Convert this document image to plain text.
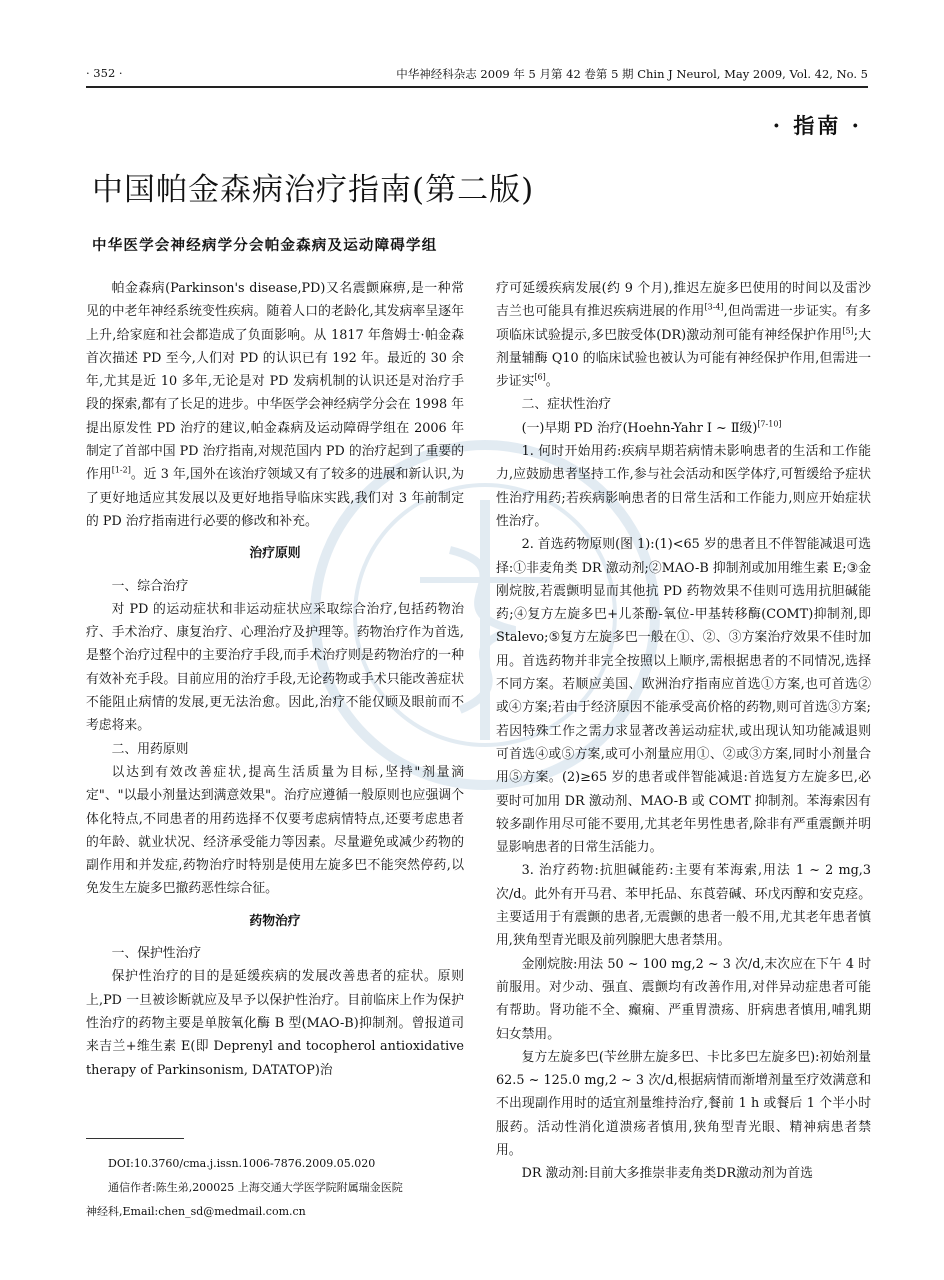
· 352 ·	中华神经科杂志 2009 年 5 月第 42 卷第 5 期 Chin J Neurol, May 2009, Vol. 42, No. 5
· 指南 ·
中国帕金森病治疗指南(第二版)
中华医学会神经病学分会帕金森病及运动障碍学组

帕金森病(Parkinson's disease,PD)又名震颤麻痹,是一种常见的中老年神经系统变性疾病。随着人口的老龄化,其发病率呈逐年上升,给家庭和社会都造成了负面影响。从 1817 年詹姆士·帕金森首次描述 PD 至今,人们对 PD 的认识已有 192 年。最近的 30 余年,尤其是近 10 多年,无论是对 PD 发病机制的认识还是对治疗手段的探索,都有了长足的进步。中华医学会神经病学分会在 1998 年提出原发性 PD 治疗的建议,帕金森病及运动障碍学组在 2006 年制定了首部中国 PD 治疗指南,对规范国内 PD 的治疗起到了重要的作用[1-2]。近 3 年,国外在该治疗领域又有了较多的进展和新认识,为了更好地适应其发展以及更好地指导临床实践,我们对 3 年前制定的 PD 治疗指南进行必要的修改和补充。

治疗原则

一、综合治疗

对 PD 的运动症状和非运动症状应采取综合治疗,包括药物治疗、手术治疗、康复治疗、心理治疗及护理等。药物治疗作为首选,是整个治疗过程中的主要治疗手段,而手术治疗则是药物治疗的一种有效补充手段。目前应用的治疗手段,无论药物或手术只能改善症状不能阻止病情的发展,更无法治愈。因此,治疗不能仅顾及眼前而不考虑将来。

二、用药原则

以达到有效改善症状,提高生活质量为目标,坚持"剂量滴定"、"以最小剂量达到满意效果"。治疗应遵循一般原则也应强调个体化特点,不同患者的用药选择不仅要考虑病情特点,还要考虑患者的年龄、就业状况、经济承受能力等因素。尽量避免或减少药物的副作用和并发症,药物治疗时特别是使用左旋多巴不能突然停药,以免发生左旋多巴撤药恶性综合征。

药物治疗

一、保护性治疗

保护性治疗的目的是延缓疾病的发展改善患者的症状。原则上,PD 一旦被诊断就应及早予以保护性治疗。目前临床上作为保护性治疗的药物主要是单胺氧化酶 B 型(MAO-B)抑制剂。曾报道司来吉兰+维生素 E(即 Deprenyl and tocopherol antioxidative therapy of Parkinsonism, DATATOP)治

DOI:10.3760/cma.j.issn.1006-7876.2009.05.020

通信作者:陈生弟,200025 上海交通大学医学院附属瑞金医院

神经科,Email:chen_sd@medmail.com.cn

疗可延缓疾病发展(约 9 个月),推迟左旋多巴使用的时间以及雷沙吉兰也可能具有推迟疾病进展的作用[3-4],但尚需进一步证实。有多项临床试验提示,多巴胺受体(DR)激动剂可能有神经保护作用[5];大剂量辅酶 Q10 的临床试验也被认为可能有神经保护作用,但需进一步证实[6]。

二、症状性治疗

(一)早期 PD 治疗(Hoehn-Yahr Ⅰ ~ Ⅱ级)[7-10]

1. 何时开始用药:疾病早期若病情未影响患者的生活和工作能力,应鼓励患者坚持工作,参与社会活动和医学体疗,可暂缓给予症状性治疗用药;若疾病影响患者的日常生活和工作能力,则应开始症状性治疗。

2. 首选药物原则(图 1):(1)<65 岁的患者且不伴智能减退可选择:①非麦角类 DR 激动剂;②MAO-B 抑制剂或加用维生素 E;③金刚烷胺,若震颤明显而其他抗 PD 药物效果不佳则可选用抗胆碱能药;④复方左旋多巴+儿茶酚-氧位-甲基转移酶(COMT)抑制剂,即 Stalevo;⑤复方左旋多巴一般在①、②、③方案治疗效果不佳时加用。首选药物并非完全按照以上顺序,需根据患者的不同情况,选择不同方案。若顺应美国、欧洲治疗指南应首选①方案,也可首选②或④方案;若由于经济原因不能承受高价格的药物,则可首选③方案;若因特殊工作之需力求显著改善运动症状,或出现认知功能减退则可首选④或⑤方案,或可小剂量应用①、②或③方案,同时小剂量合用⑤方案。(2)≥65 岁的患者或伴智能减退:首选复方左旋多巴,必要时可加用 DR 激动剂、MAO-B 或 COMT 抑制剂。苯海索因有较多副作用尽可能不要用,尤其老年男性患者,除非有严重震颤并明显影响患者的日常生活能力。

3. 治疗药物:抗胆碱能药:主要有苯海索,用法 1 ~ 2 mg,3 次/d。此外有开马君、苯甲托品、东莨菪碱、环戊丙醇和安克痉。主要适用于有震颤的患者,无震颤的患者一般不用,尤其老年患者慎用,狭角型青光眼及前列腺肥大患者禁用。

金刚烷胺:用法 50 ~ 100 mg,2 ~ 3 次/d,末次应在下午 4 时前服用。对少动、强直、震颤均有改善作用,对伴异动症患者可能有帮助。肾功能不全、癫痫、严重胃溃疡、肝病患者慎用,哺乳期妇女禁用。

复方左旋多巴(苄丝肼左旋多巴、卡比多巴左旋多巴):初始剂量 62.5 ~ 125.0 mg,2 ~ 3 次/d,根据病情而渐增剂量至疗效满意和不出现副作用时的适宜剂量维持治疗,餐前 1 h 或餐后 1 个半小时服药。活动性消化道溃疡者慎用,狭角型青光眼、精神病患者禁用。

DR 激动剂:目前大多推崇非麦角类DR激动剂为首选
